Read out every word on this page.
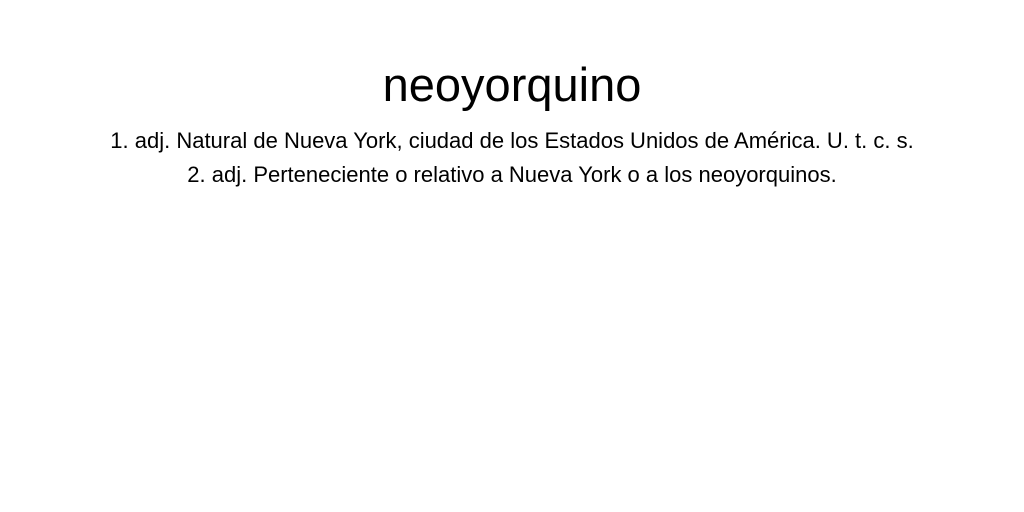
neoyorquino
1. adj. Natural de Nueva York, ciudad de los Estados Unidos de América. U. t. c. s.
2. adj. Perteneciente o relativo a Nueva York o a los neoyorquinos.
